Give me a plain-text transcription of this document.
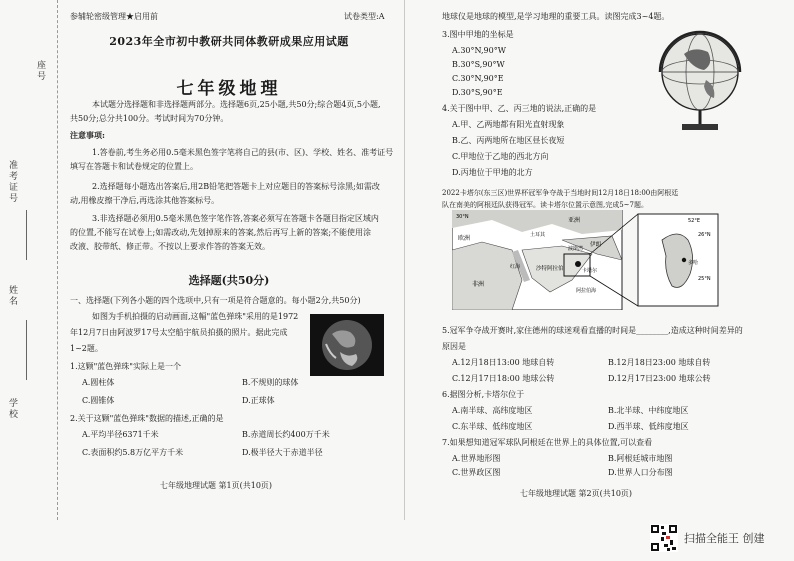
准考证号
姓名
学校
座号
参辅轮密级管理★启用前	试卷类型:A
2023年全市初中教研共同体教研成果应用试题
七年级地理
本试题分选择题和非选择题两部分。选择题6页,25小题,共50分;综合题4页,5小题,
共50分;总分共100分。考试时间为70分钟。
注意事项:
1.答卷前,考生务必用0.5毫米黑色签字笔将自己的县(市、区)、学校、姓名、准考证号
填写在答题卡和试卷规定的位置上。
2.选择题每小题选出答案后,用2B铅笔把答题卡上对应题目的答案标号涂黑;如需改
动,用橡皮擦干净后,再选涂其他答案标号。
3.非选择题必须用0.5毫米黑色签字笔作答,答案必须写在答题卡各题目指定区域内
的位置,不能写在试卷上;如需改动,先划掉原来的答案,然后再写上新的答案;不能使用涂
改液、胶带纸、修正带。不按以上要求作答的答案无效。
选择题(共50分)
一、选择题(下列各小题的四个选项中,只有一项是符合题意的。每小题2分,共50分)
如图为手机拍摄的启动画面,这幅"蓝色弹珠"采用的是1972
年12月7日由阿波罗17号太空船宇航员拍摄的照片。据此完成
1~2题。
1.这颗"蓝色弹珠"实际上是一个
A.圆柱体	B.不规则的球体
C.圆锥体	D.正球体
2.关于这颗"蓝色弹珠"数据的描述,正确的是
A.平均半径6371千米	B.赤道周长约400万千米
C.表面积约5.8万亿平方千米	D.极半径大于赤道半径
七年级地理试题 第1页(共10页)
地球仪是地球的模型,是学习地理的重要工具。读图完成3~4题。
3.图中甲地的坐标是
A.30°N,90°W
B.30°S,90°W
C.30°N,90°E
D.30°S,90°E
4.关于图中甲、乙、丙三地的说法,正确的是
A.甲、乙两地都有阳光直射现象
B.乙、丙两地所在地区昼长夜短
C.甲地位于乙地的西北方向
D.丙地位于甲地的北方
2022卡塔尔(东三区)世界杯冠军争夺战于当地时间12月18日18:00由阿根廷
队在南美的阿根廷队获得冠军。读卡塔尔位置示意图,完成5~7题。
欧洲
亚洲
非洲
伊朗
沙特阿拉伯	卡塔尔
红海
波斯湾
阿拉伯海
土耳其
30°N
多哈
26°N
25°N
52°E
5.冠军争夺战开赛时,家住德州的球迷观看直播的时间是________,造成这种时间差异的
原因是
A.12月18日13:00 地球自转	B.12月18日23:00 地球自转
C.12月17日18:00 地球公转	D.12月17日23:00 地球公转
6.据图分析,卡塔尔位于
A.南半球、高纬度地区	B.北半球、中纬度地区
C.东半球、低纬度地区	D.西半球、低纬度地区
7.如果想知道冠军球队阿根廷在世界上的具体位置,可以查看
A.世界地形图	B.阿根廷城市地图
C.世界政区图	D.世界人口分布图
七年级地理试题 第2页(共10页)
扫描全能王 创建
